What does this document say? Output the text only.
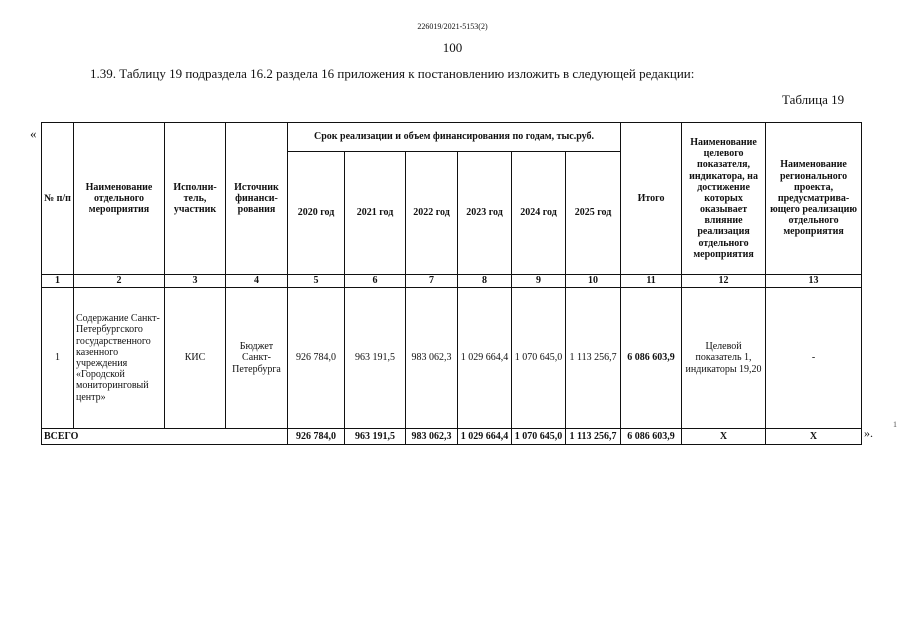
226019/2021-5153(2)
100
1.39. Таблицу 19 подраздела 16.2 раздела 16 приложения к постановлению изложить в следующей редакции:
Таблица 19
«
».
1
№ п/п	Наименование отдельного мероприятия	Исполни-тель, участник	Источник финанси-рования	Срок реализации и объем финансирования по годам, тыс.руб.						Итого	Наименование целевого показателя, индикатора, на достижение которых оказывает влияние реализация отдельного мероприятия	Наименование регионального проекта, предусматрива-ющего реализацию отдельного мероприятия
				2020 год	2021 год	2022 год	2023 год	2024 год	2025 год			
1	2	3	4	5	6	7	8	9	10	11	12	13
1	Содержание Санкт-Петербургского государственного казенного учреждения «Городской мониторинговый центр»	КИС	Бюджет Санкт-Петербурга	926 784,0	963 191,5	983 062,3	1 029 664,4	1 070 645,0	1 113 256,7	6 086 603,9	Целевой показатель 1, индикаторы 19,20	-
ВСЕГО				926 784,0	963 191,5	983 062,3	1 029 664,4	1 070 645,0	1 113 256,7	6 086 603,9	Х	Х
